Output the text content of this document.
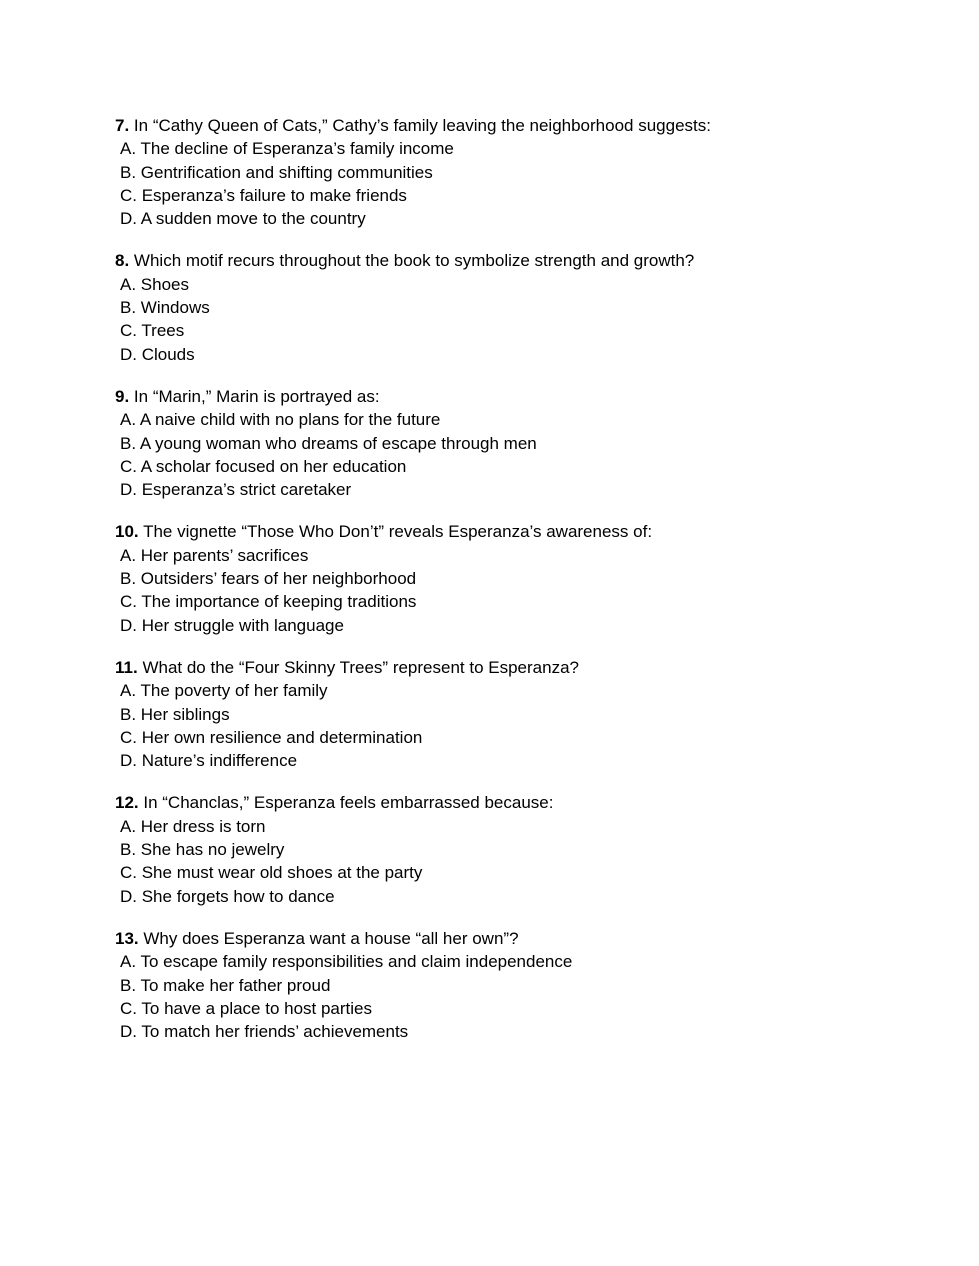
7. In “Cathy Queen of Cats,” Cathy’s family leaving the neighborhood suggests:
A. The decline of Esperanza’s family income
B. Gentrification and shifting communities
C. Esperanza’s failure to make friends
D. A sudden move to the country
8. Which motif recurs throughout the book to symbolize strength and growth?
A. Shoes
B. Windows
C. Trees
D. Clouds
9. In “Marin,” Marin is portrayed as:
A. A naive child with no plans for the future
B. A young woman who dreams of escape through men
C. A scholar focused on her education
D. Esperanza’s strict caretaker
10. The vignette “Those Who Don’t” reveals Esperanza’s awareness of:
A. Her parents’ sacrifices
B. Outsiders’ fears of her neighborhood
C. The importance of keeping traditions
D. Her struggle with language
11. What do the “Four Skinny Trees” represent to Esperanza?
A. The poverty of her family
B. Her siblings
C. Her own resilience and determination
D. Nature’s indifference
12. In “Chanclas,” Esperanza feels embarrassed because:
A. Her dress is torn
B. She has no jewelry
C. She must wear old shoes at the party
D. She forgets how to dance
13. Why does Esperanza want a house “all her own”?
A. To escape family responsibilities and claim independence
B. To make her father proud
C. To have a place to host parties
D. To match her friends’ achievements
